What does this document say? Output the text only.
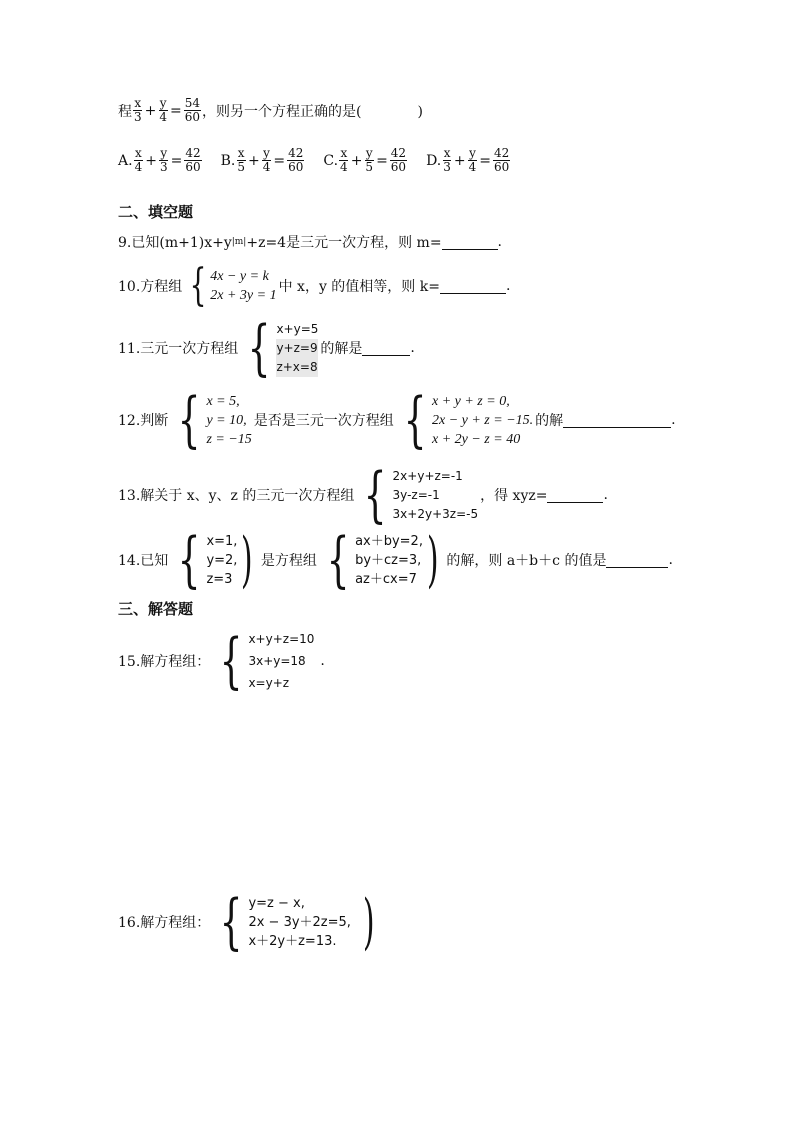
程 $\frac{x}{3} + \frac{y}{4} = \frac{54}{60}$ ，则另一个方程正确的是(　　　　)
A. $\frac{x}{4} + \frac{y}{3} = \frac{42}{60} B$. $\frac{x}{5} + \frac{y}{4} = \frac{42}{60} C$. $\frac{x}{4} + \frac{y}{5} = \frac{42}{60} D$. $\frac{x}{3} + \frac{y}{4} = \frac{42}{60}$
二、填空题
9.已知(m+1)x+y |m| +z=4是三元一次方程，则 m=	.
10.方程组 { 4x − y = k
2x + 3y = 1
中 x，y 的值相等，则 k=	.
11.三元一次方程组 { x+y=5
y+z=9
z+x=8
的解是	.
12.判断 { x = 5,
y = 10,
z = −15
是否是三元一次方程组 { x + y + z = 0,
2x − y + z = −15.
x + 2y − z = 40
的解	.
13.解关于 x、y、z 的三元一次方程组 { 2x+y+z=-1
3y-z=-1
3x+2y+3z=-5
，得 xyz=	.
14.已知 { x=1,
y=2,
z=3 ) 是方程组 { ax＋by=2,
by＋cz=3,
az＋cx=7 ) 的解，则 a＋b＋c 的值是	.
三、解答题
15.解方程组： { x+y+z=10
3x+y=18
x=y+z
.
16.解方程组： { y=z − x,
2x − 3y＋2z=5,
x＋2y＋z=13. )
